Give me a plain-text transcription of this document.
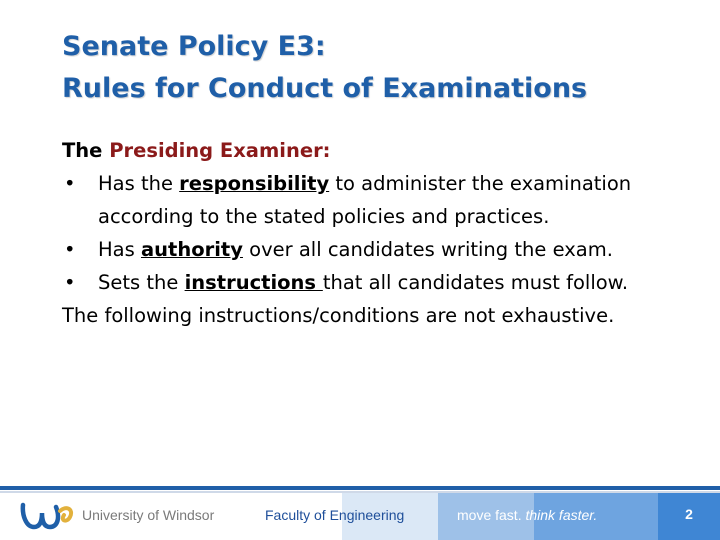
Senate Policy E3:
Rules for Conduct of Examinations

The Presiding Examiner:

• Has the responsibility to administer the examination according to the stated policies and practices.
• Has authority over all candidates writing the exam.
• Sets the instructions that all candidates must follow.

The following instructions/conditions are not exhaustive.

University of Windsor	Faculty of Engineering	move fast. think faster.	2
